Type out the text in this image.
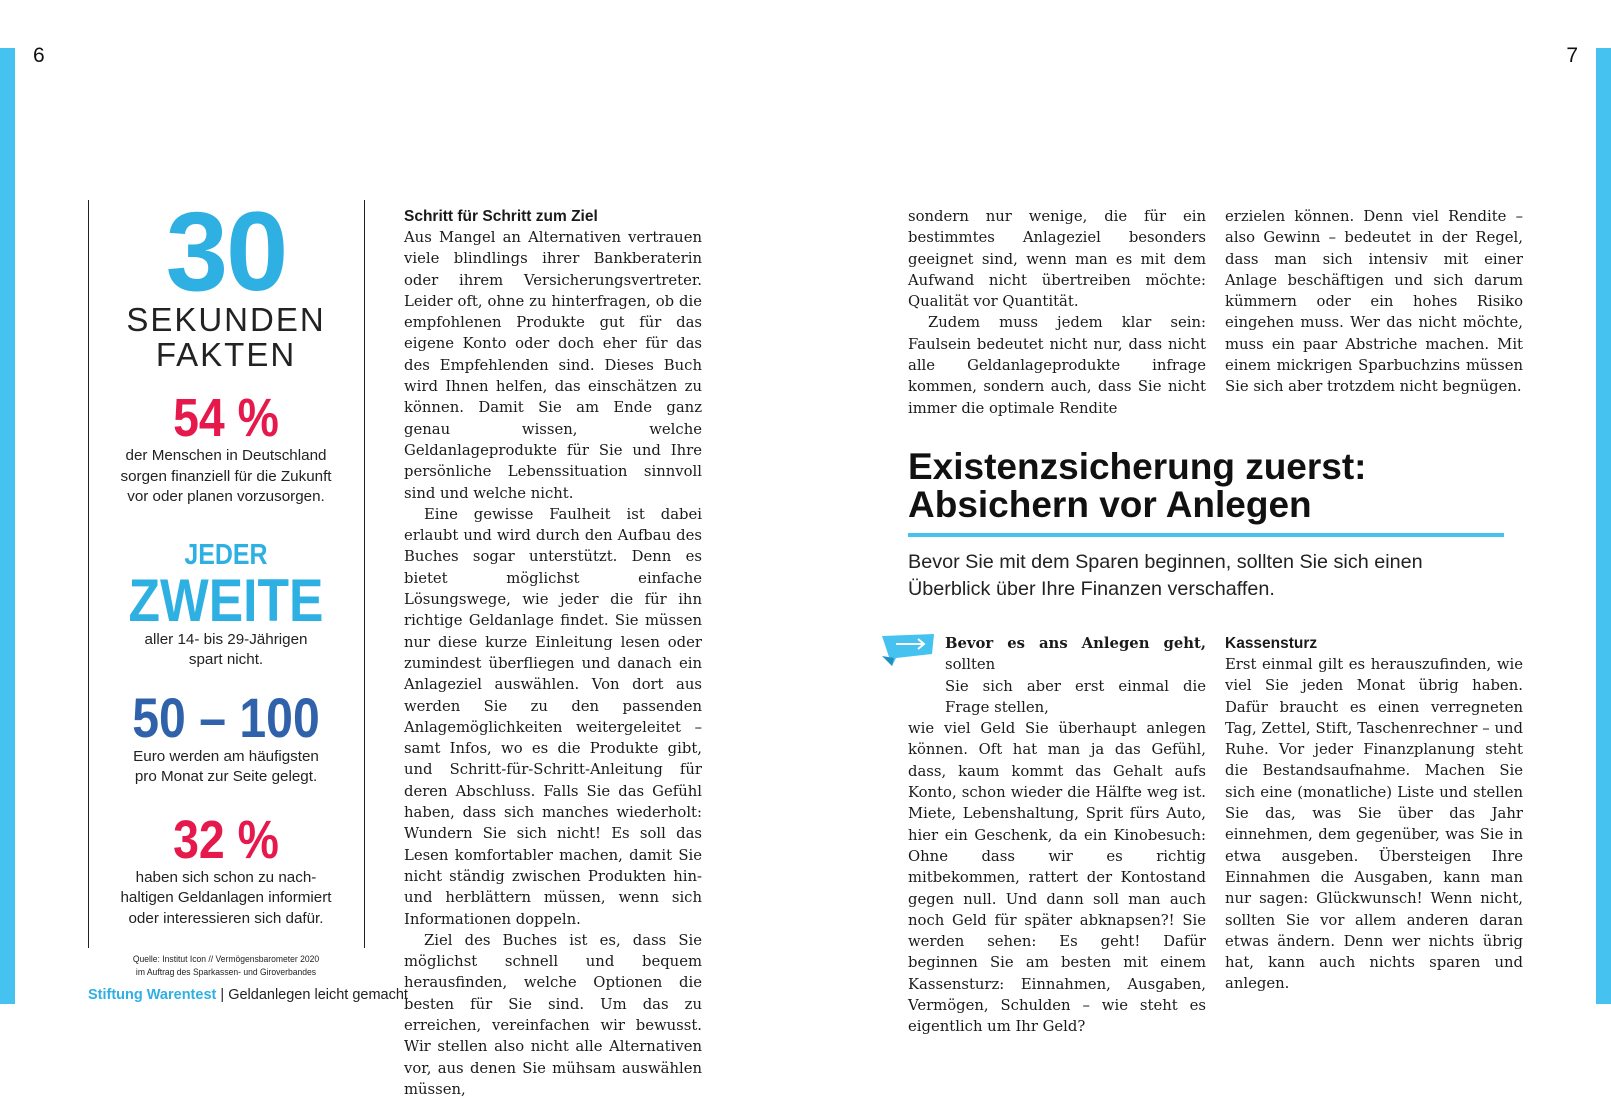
6	7
30
SEKUNDEN
FAKTEN
54 %
der Menschen in Deutschland
sorgen finanziell für die Zukunft
vor oder planen vorzusorgen.
JEDER
ZWEITE
aller 14- bis 29-Jährigen
spart nicht.
50 – 100
Euro werden am häufigsten
pro Monat zur Seite gelegt.
32 %
haben sich schon zu nach-
haltigen Geldanlagen informiert
oder interessieren sich dafür.
Quelle: Institut Icon // Vermögensbarometer 2020
im Auftrag des Sparkassen- und Giroverbandes
Schritt für Schritt zum Ziel

Aus Mangel an Alternativen vertrauen viele blindlings ihrer Bankberaterin oder ihrem Versicherungsvertreter. Leider oft, ohne zu hinterfragen, ob die empfohlenen Produkte gut für das eigene Konto oder doch eher für das des Empfehlenden sind. Dieses Buch wird Ihnen helfen, das einschätzen zu können. Damit Sie am Ende ganz genau wissen, welche Geldanlageprodukte für Sie und Ihre persönliche Lebenssituation sinnvoll sind und welche nicht.

Eine gewisse Faulheit ist dabei erlaubt und wird durch den Aufbau des Buches sogar unterstützt. Denn es bietet möglichst einfache Lösungswege, wie jeder die für ihn richtige Geldanlage findet. Sie müssen nur diese kurze Einleitung lesen oder zumindest überfliegen und danach ein Anlageziel auswählen. Von dort aus werden Sie zu den passenden Anlagemöglichkeiten weitergeleitet – samt Infos, wo es die Produkte gibt, und Schritt-für-Schritt-Anleitung für deren Abschluss. Falls Sie das Gefühl haben, dass sich manches wiederholt: Wundern Sie sich nicht! Es soll das Lesen komfortabler machen, damit Sie nicht ständig zwischen Produkten hin- und herblättern müssen, wenn sich Informationen doppeln.

Ziel des Buches ist es, dass Sie möglichst schnell und bequem herausfinden, welche Optionen die besten für Sie sind. Um das zu erreichen, vereinfachen wir bewusst. Wir stellen also nicht alle Alternativen vor, aus denen Sie mühsam auswählen müssen,

sondern nur wenige, die für ein bestimmtes Anlageziel besonders geeignet sind, wenn man es mit dem Aufwand nicht übertreiben möchte: Qualität vor Quantität.

Zudem muss jedem klar sein: Faulsein bedeutet nicht nur, dass nicht alle Geldanlageprodukte infrage kommen, sondern auch, dass Sie nicht immer die optimale Rendite

erzielen können. Denn viel Rendite – also Gewinn – bedeutet in der Regel, dass man sich intensiv mit einer Anlage beschäftigen und sich darum kümmern oder ein hohes Risiko eingehen muss. Wer das nicht möchte, muss ein paar Abstriche machen. Mit einem mickrigen Sparbuchzins müssen Sie sich aber trotzdem nicht begnügen.

Existenzsicherung zuerst:
Absichern vor Anlegen
Bevor Sie mit dem Sparen beginnen, sollten Sie sich einen Überblick über Ihre Finanzen verschaffen.

Bevor es ans Anlegen geht, sollten
Sie sich aber erst einmal die Frage stellen,
wie viel Geld Sie überhaupt anlegen können. Oft hat man ja das Gefühl, dass, kaum kommt das Gehalt aufs Konto, schon wieder die Hälfte weg ist. Miete, Lebenshaltung, Sprit fürs Auto, hier ein Geschenk, da ein Kinobesuch: Ohne dass wir es richtig mitbekommen, rattert der Kontostand gegen null. Und dann soll man auch noch Geld für später abknapsen?! Sie werden sehen: Es geht! Dafür beginnen Sie am besten mit einem Kassensturz: Einnahmen, Ausgaben, Vermögen, Schulden – wie steht es eigentlich um Ihr Geld?

Kassensturz

Erst einmal gilt es herauszufinden, wie viel Sie jeden Monat übrig haben. Dafür braucht es einen verregneten Tag, Zettel, Stift, Taschenrechner – und Ruhe. Vor jeder Finanzplanung steht die Bestandsaufnahme. Machen Sie sich eine (monatliche) Liste und stellen Sie das, was Sie über das Jahr einnehmen, dem gegenüber, was Sie in etwa ausgeben. Übersteigen Ihre Einnahmen die Ausgaben, kann man nur sagen: Glückwunsch! Wenn nicht, sollten Sie vor allem anderen daran etwas ändern. Denn wer nichts übrig hat, kann auch nichts sparen und anlegen.

Stiftung Warentest | Geldanlegen leicht gemacht
